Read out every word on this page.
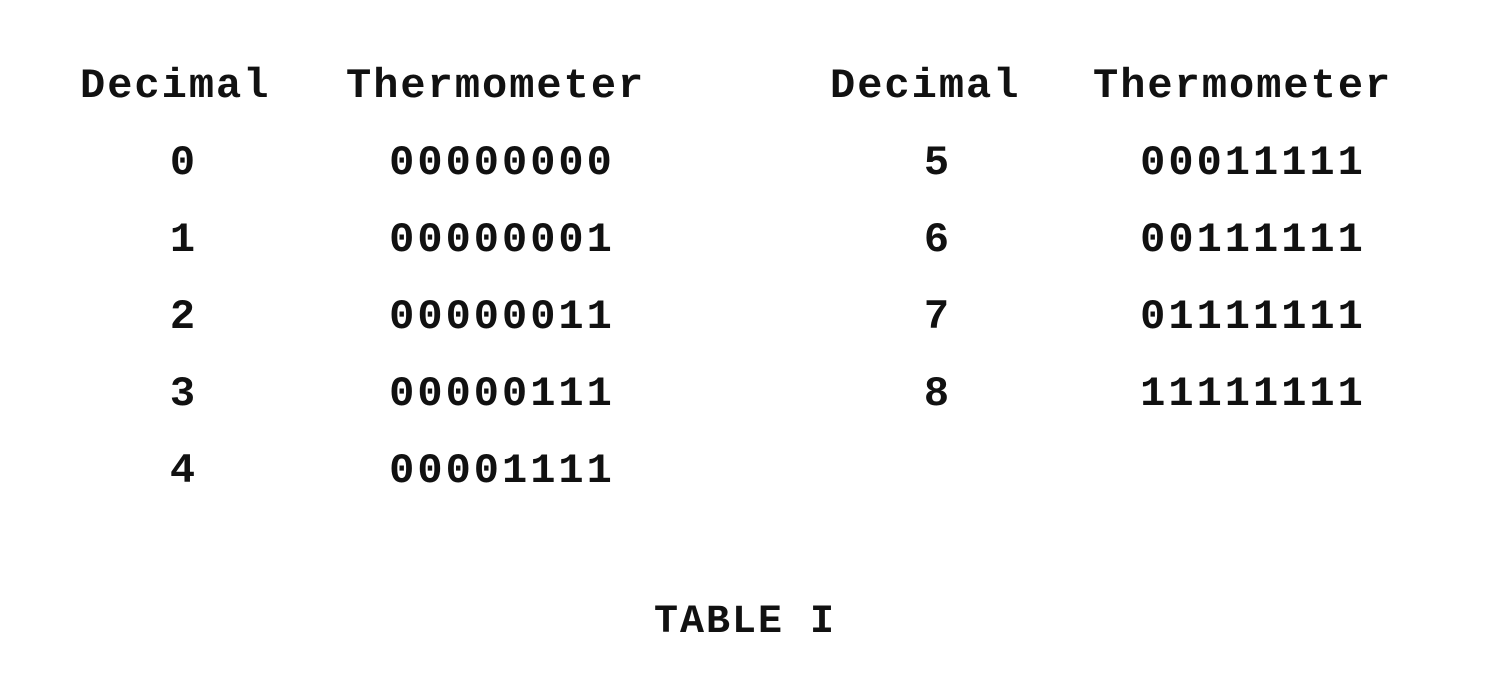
Decimal Thermometer	Decimal Thermometer
0	00000000
1	00000001
2	00000011
3	00000111
4	00001111
5	00011111
6	00111111
7	01111111
8	11111111
TABLE I
